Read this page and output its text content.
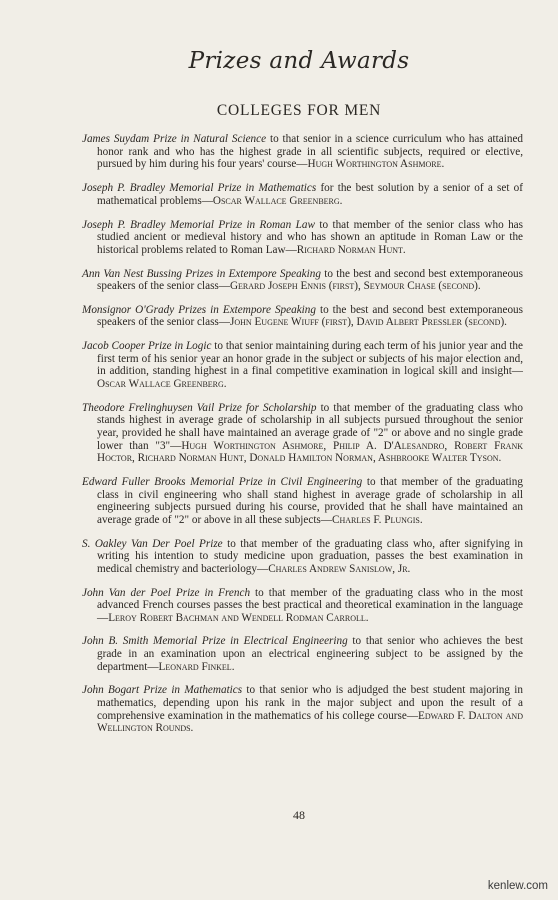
Prizes and Awards
COLLEGES FOR MEN

James Suydam Prize in Natural Science to that senior in a science curriculum who has attained honor rank and who has the highest grade in all scientific subjects, required or elective, pursued by him during his four years' course—Hugh Worthington Ashmore.

Joseph P. Bradley Memorial Prize in Mathematics for the best solution by a senior of a set of mathematical problems—Oscar Wallace Greenberg.

Joseph P. Bradley Memorial Prize in Roman Law to that member of the senior class who has studied ancient or medieval history and who has shown an aptitude in Roman Law or the historical problems related to Roman Law—Richard Norman Hunt.

Ann Van Nest Bussing Prizes in Extempore Speaking to the best and second best extemporaneous speakers of the senior class—Gerard Joseph Ennis (first), Seymour Chase (second).

Monsignor O'Grady Prizes in Extempore Speaking to the best and second best extemporaneous speakers of the senior class—John Eugene Wiuff (first), David Albert Pressler (second).

Jacob Cooper Prize in Logic to that senior maintaining during each term of his junior year and the first term of his senior year an honor grade in the subject or subjects of his major election and, in addition, standing highest in a final competitive examination in logical skill and insight—Oscar Wallace Greenberg.

Theodore Frelinghuysen Vail Prize for Scholarship to that member of the graduating class who stands highest in average grade of scholarship in all subjects pursued throughout the senior year, provided he shall have maintained an average grade of "2" or above and no single grade lower than "3"—Hugh Worthington Ashmore, Philip A. D'Alesandro, Robert Frank Hoctor, Richard Norman Hunt, Donald Hamilton Norman, Ashbrooke Walter Tyson.

Edward Fuller Brooks Memorial Prize in Civil Engineering to that member of the graduating class in civil engineering who shall stand highest in average grade of scholarship in all engineering subjects pursued during his course, provided that he shall have maintained an average grade of "2" or above in all these subjects—Charles F. Plungis.

S. Oakley Van Der Poel Prize to that member of the graduating class who, after signifying in writing his intention to study medicine upon graduation, passes the best examination in medical chemistry and bacteriology—Charles Andrew Sanislow, Jr.

John Van der Poel Prize in French to that member of the graduating class who in the most advanced French courses passes the best practical and theoretical examination in the language—Leroy Robert Bachman and Wendell Rodman Carroll.

John B. Smith Memorial Prize in Electrical Engineering to that senior who achieves the best grade in an examination upon an electrical engineering subject to be assigned by the department—Leonard Finkel.

John Bogart Prize in Mathematics to that senior who is adjudged the best student majoring in mathematics, depending upon his rank in the major subject and upon the result of a comprehensive examination in the mathematics of his college course—Edward F. Dalton and Wellington Rounds.

48
kenlew.com
